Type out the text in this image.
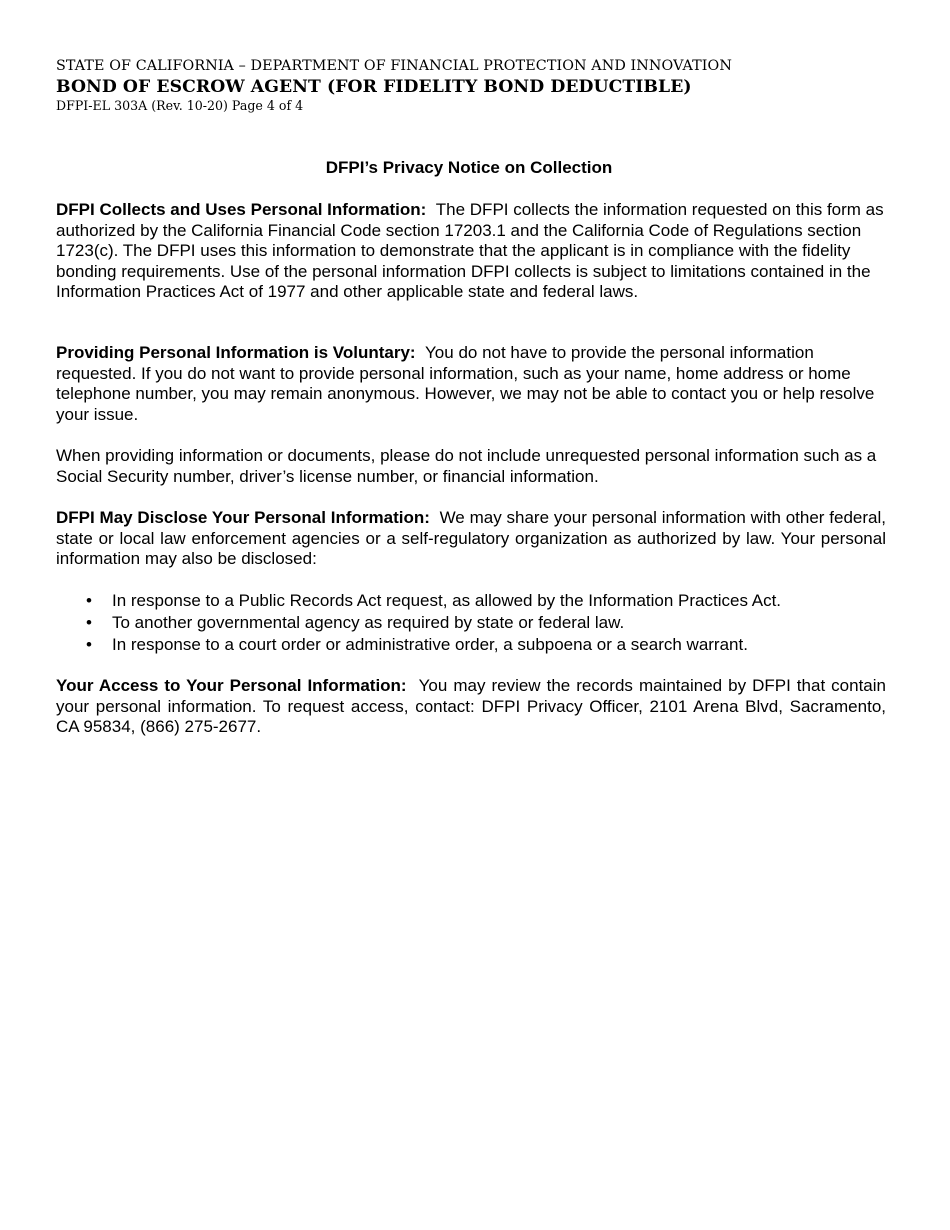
STATE OF CALIFORNIA – DEPARTMENT OF FINANCIAL PROTECTION AND INNOVATION
BOND OF ESCROW AGENT (FOR FIDELITY BOND DEDUCTIBLE)
DFPI-EL 303A (Rev. 10-20) Page 4 of 4
DFPI’s Privacy Notice on Collection

DFPI Collects and Uses Personal Information: The DFPI collects the information requested on this form as authorized by the California Financial Code section 17203.1 and the California Code of Regulations section 1723(c). The DFPI uses this information to demonstrate that the applicant is in compliance with the fidelity bonding requirements. Use of the personal information DFPI collects is subject to limitations contained in the Information Practices Act of 1977 and other applicable state and federal laws.

Providing Personal Information is Voluntary: You do not have to provide the personal information requested. If you do not want to provide personal information, such as your name, home address or home telephone number, you may remain anonymous. However, we may not be able to contact you or help resolve your issue.

When providing information or documents, please do not include unrequested personal information such as a Social Security number, driver’s license number, or financial information.

DFPI May Disclose Your Personal Information: We may share your personal information with other federal, state or local law enforcement agencies or a self-regulatory organization as authorized by law. Your personal information may also be disclosed:

• In response to a Public Records Act request, as allowed by the Information Practices Act.
• To another governmental agency as required by state or federal law.
• In response to a court order or administrative order, a subpoena or a search warrant.

Your Access to Your Personal Information: You may review the records maintained by DFPI that contain your personal information. To request access, contact: DFPI Privacy Officer, 2101 Arena Blvd, Sacramento, CA 95834, (866) 275-2677.
